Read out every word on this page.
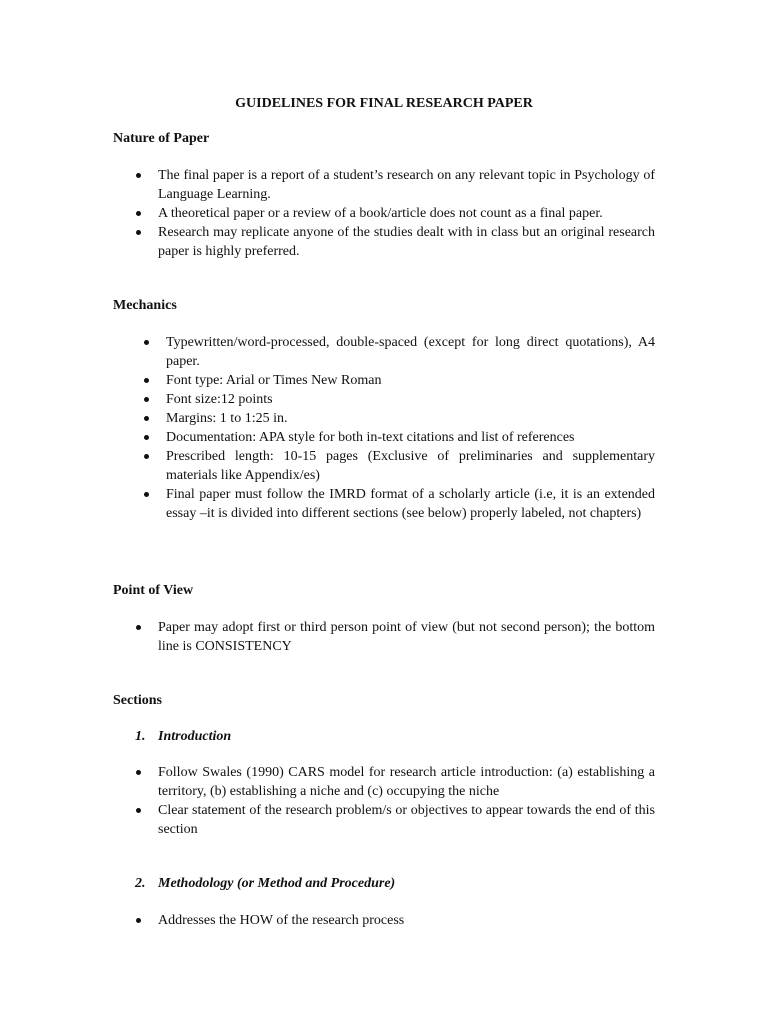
GUIDELINES FOR FINAL RESEARCH PAPER
Nature of Paper
The final paper is a report of a student’s research on any relevant topic in Psychology of Language Learning.
A theoretical paper or a review of a book/article does not count as a final paper.
Research may replicate anyone of the studies dealt with in class but an original research paper is highly preferred.
Mechanics
Typewritten/word-processed, double-spaced (except for long direct quotations), A4 paper.
Font type: Arial or Times New Roman
Font size:12 points
Margins: 1 to 1:25 in.
Documentation: APA style for both in-text citations and list of references
Prescribed length: 10-15 pages (Exclusive of preliminaries and supplementary materials like Appendix/es)
Final paper must follow the IMRD format of a scholarly article (i.e, it is an extended essay –it is divided into different sections (see below) properly labeled, not chapters)
Point of View
Paper may adopt first or third person point of view (but not second person); the bottom line is CONSISTENCY
Sections
1. Introduction
Follow Swales (1990) CARS model for research article introduction: (a) establishing a territory, (b) establishing a niche and (c) occupying the niche
Clear statement of the research problem/s or objectives to appear towards the end of this section
2. Methodology (or Method and Procedure)
Addresses the HOW of the research process
